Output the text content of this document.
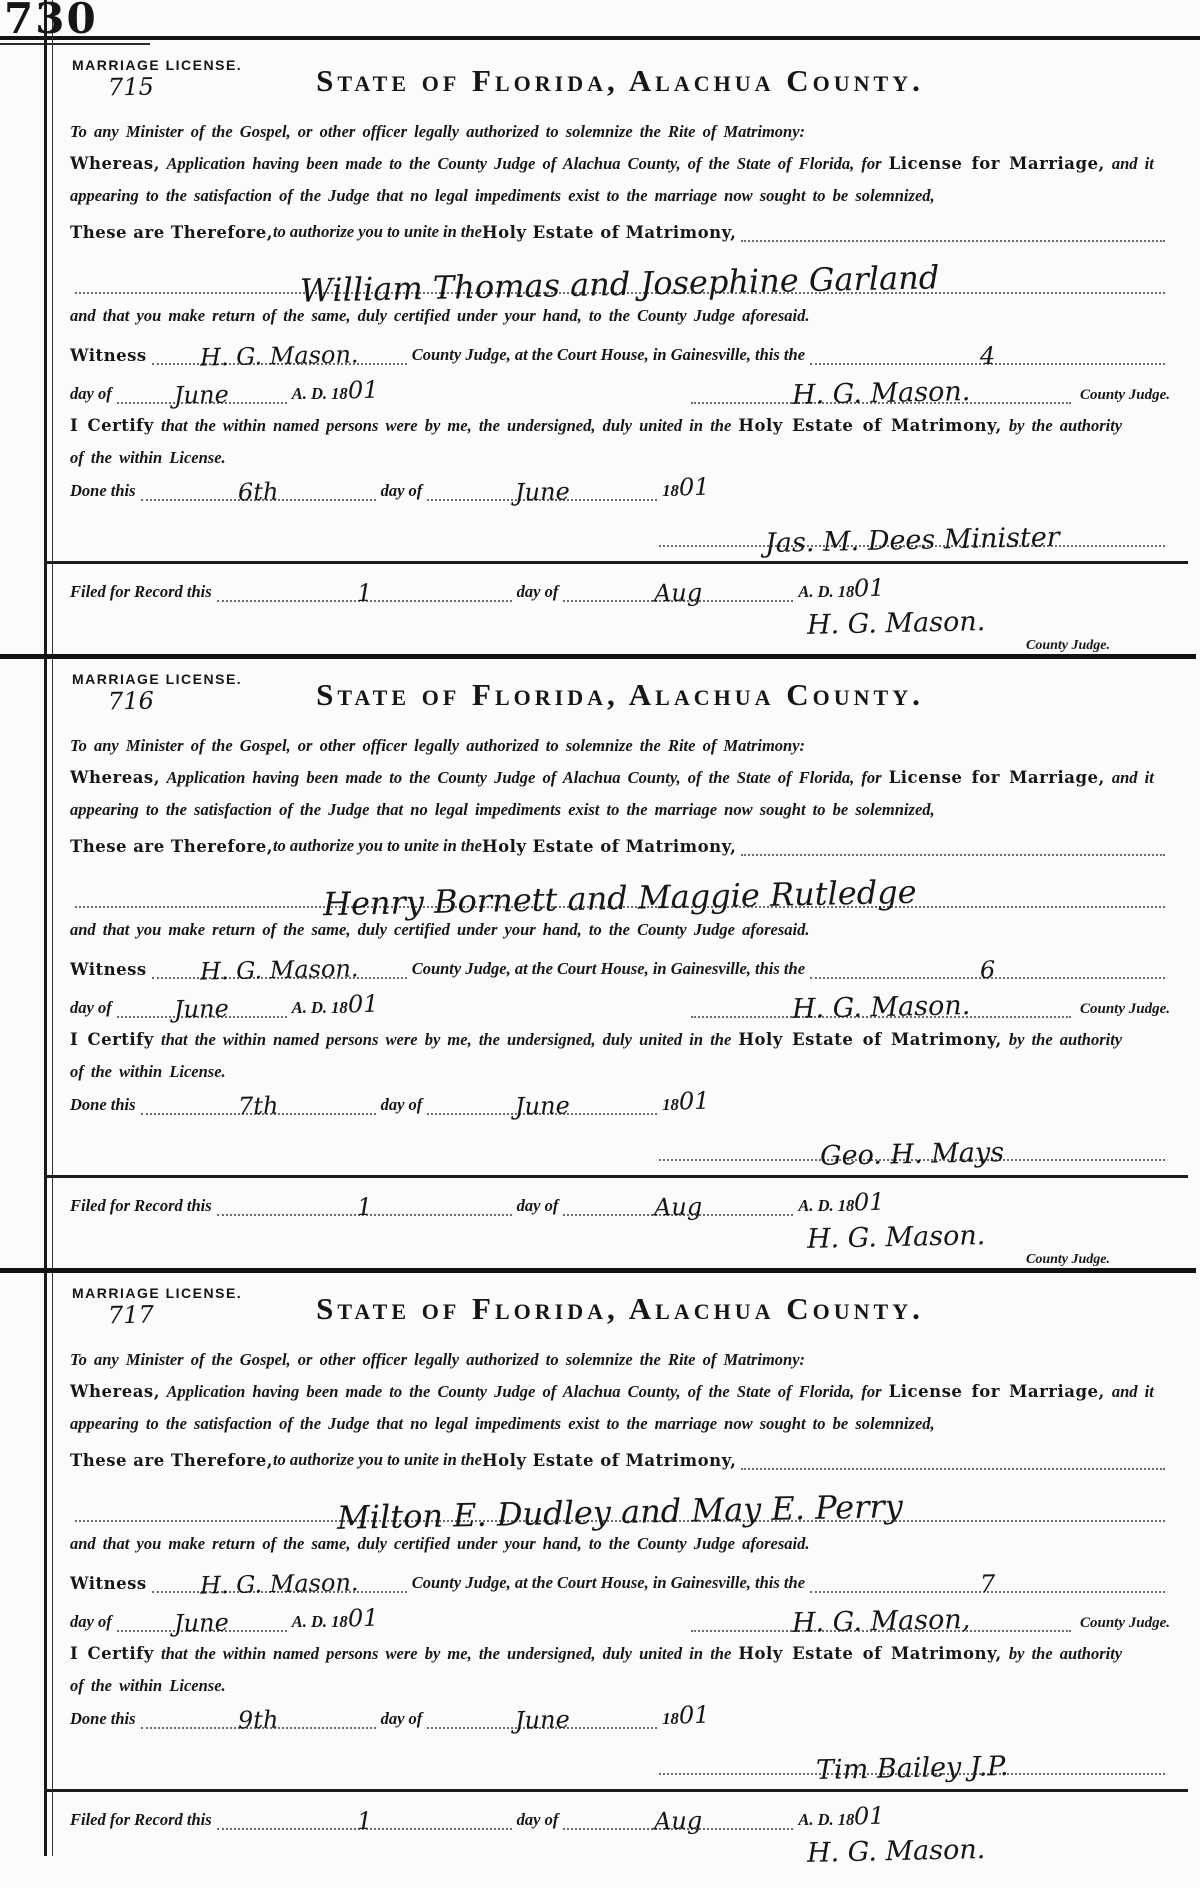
730
MARRIAGE LICENSE.
715	State of Florida, Alachua County.
To any Minister of the Gospel, or other officer legally authorized to solemnize the Rite of Matrimony:
Whereas, Application having been made to the County Judge of Alachua County, of the State of Florida, for License for Marriage, and it
appearing to the satisfaction of the Judge that no legal impediments exist to the marriage now sought to be solemnized,
These are Therefore, to authorize you to unite in the Holy Estate of Matrimony,
William Thomas and Josephine Garland
and that you make return of the same, duly certified under your hand, to the County Judge aforesaid.
Witness H. G. Mason.	County Judge, at the Court House, in Gainesville, this the	4
day of	June	A. D. 18 01	H. G. Mason.	County Judge.
I Certify that the within named persons were by me, the undersigned, duly united in the Holy Estate of Matrimony, by the authority
of the within License.
Done this	6th	day of	June	18 01
Jas. M. Dees Minister
Filed for Record this	1	day of	Aug	A. D. 18 01
H. G. Mason.
County Judge.
MARRIAGE LICENSE.
716	State of Florida, Alachua County.
To any Minister of the Gospel, or other officer legally authorized to solemnize the Rite of Matrimony:
Whereas, Application having been made to the County Judge of Alachua County, of the State of Florida, for License for Marriage, and it
appearing to the satisfaction of the Judge that no legal impediments exist to the marriage now sought to be solemnized,
These are Therefore, to authorize you to unite in the Holy Estate of Matrimony,
Henry Bornett and Maggie Rutledge
and that you make return of the same, duly certified under your hand, to the County Judge aforesaid.
Witness H. G. Mason.	County Judge, at the Court House, in Gainesville, this the	6
day of	June	A. D. 18 01	H. G. Mason.	County Judge.
I Certify that the within named persons were by me, the undersigned, duly united in the Holy Estate of Matrimony, by the authority
of the within License.
Done this	7th	day of	June	18 01
Geo. H. Mays
Filed for Record this	1	day of	Aug	A. D. 18 01
H. G. Mason.
County Judge.
MARRIAGE LICENSE.
717	State of Florida, Alachua County.
To any Minister of the Gospel, or other officer legally authorized to solemnize the Rite of Matrimony:
Whereas, Application having been made to the County Judge of Alachua County, of the State of Florida, for License for Marriage, and it
appearing to the satisfaction of the Judge that no legal impediments exist to the marriage now sought to be solemnized,
These are Therefore, to authorize you to unite in the Holy Estate of Matrimony,
Milton E. Dudley and May E. Perry
and that you make return of the same, duly certified under your hand, to the County Judge aforesaid.
Witness H. G. Mason.	County Judge, at the Court House, in Gainesville, this the	7
day of	June	A. D. 18 01	H. G. Mason,	County Judge.
I Certify that the within named persons were by me, the undersigned, duly united in the Holy Estate of Matrimony, by the authority
of the within License.
Done this	9th	day of	June	18 01
Tim Bailey J.P.
Filed for Record this	1	day of	Aug	A. D. 18 01
H. G. Mason.
